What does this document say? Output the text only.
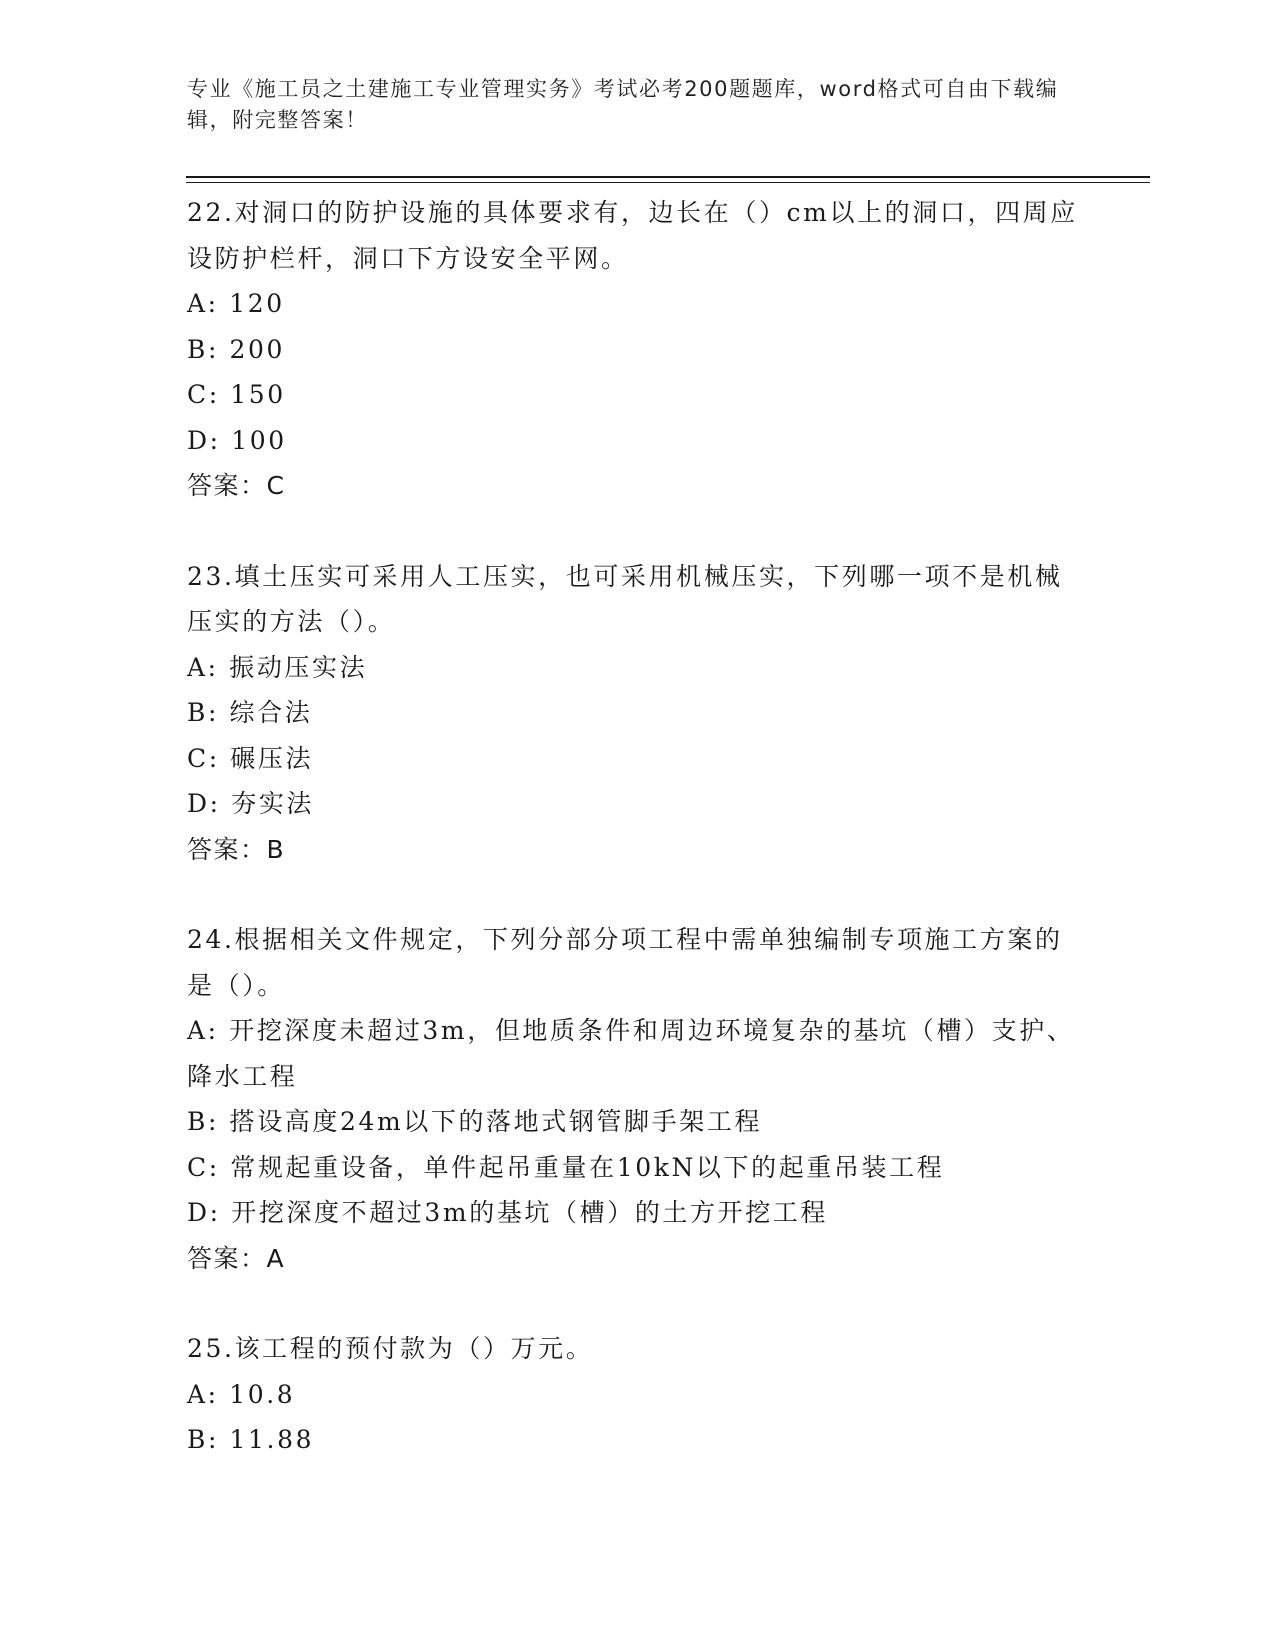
专业《施工员之土建施工专业管理实务》考试必考200题题库，word格式可自由下载编辑，附完整答案！

22.对洞口的防护设施的具体要求有，边长在（）cm以上的洞口，四周应设防护栏杆，洞口下方设安全平网。

A: 120

B: 200

C: 150

D: 100

答案：C

23.填土压实可采用人工压实，也可采用机械压实，下列哪一项不是机械压实的方法（）。

A: 振动压实法

B: 综合法

C: 碾压法

D: 夯实法

答案：B

24.根据相关文件规定，下列分部分项工程中需单独编制专项施工方案的是（）。

A: 开挖深度未超过3m，但地质条件和周边环境复杂的基坑（槽）支护、降水工程

B: 搭设高度24m以下的落地式钢管脚手架工程

C: 常规起重设备，单件起吊重量在10kN以下的起重吊装工程

D: 开挖深度不超过3m的基坑（槽）的土方开挖工程

答案：A

25.该工程的预付款为（）万元。

A: 10.8

B: 11.88
